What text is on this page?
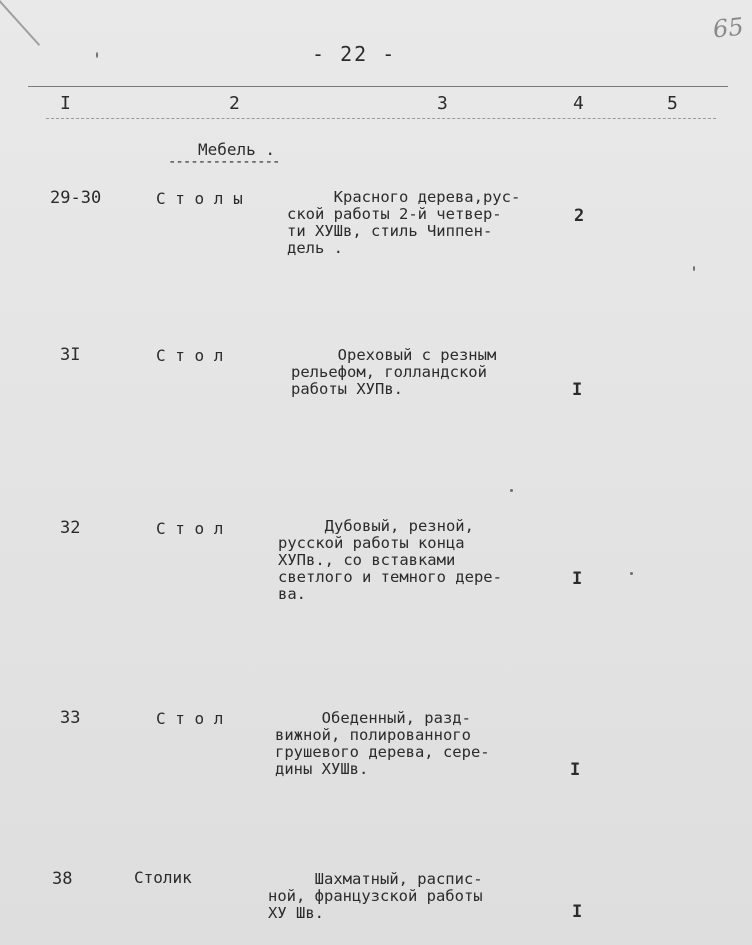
65
- 22 -
I	2	3	4	5
Мебель .
---------------
29-30	С т о л ы	Красного дерева,рус-
ской работы 2-й четвер-
ти ХУШв, стиль Чиппен-
дель .
2
3I	С т о л	Ореховый с резным
рельефом, голландской
работы ХУПв.	I
32	С т о л	Дубовый, резной,
русской работы конца
ХУПв., со вставками
светлого и темного дере-
ва.
I
33	С т о л	Обеденный, разд-
вижной, полированного
грушевого дерева, сере-
дины ХУШв.	I
38	Столик	Шахматный, распис-
ной, французской работы
ХУ Шв.	I
